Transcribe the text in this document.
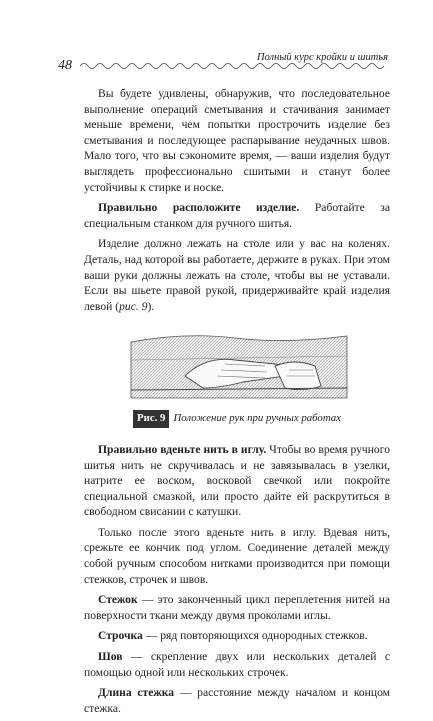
48
Полный курс кройки и шитья

Вы будете удивлены, обнаружив, что последовательное выполнение операций сметывания и стачивания занимает меньше времени, чем попытки прострочить изделие без сметывания и последующее распарывание неудачных швов. Мало того, что вы сэкономите время, — ваши изделия будут выглядеть профессионально сшитыми и станут более устойчивы к стирке и носке.

Правильно расположите изделие. Работайте за специальным станком для ручного шитья.

Изделие должно лежать на столе или у вас на коленях. Деталь, над которой вы работаете, держите в руках. При этом ваши руки должны лежать на столе, чтобы вы не уставали. Если вы шьете правой рукой, придерживайте край изделия левой (рис. 9).

Рис. 9 Положение рук при ручных работах

Правильно вденьте нить в иглу. Чтобы во время ручного шитья нить не скручивалась и не завязывалась в узелки, натрите ее воском, восковой свечкой или покройте специальной смазкой, или просто дайте ей раскрутиться в свободном свисании с катушки.

Только после этого вденьте нить в иглу. Вдевая нить, срежьте ее кончик под углом. Соединение деталей между собой ручным способом нитками производится при помощи стежков, строчек и швов.

Стежок — это законченный цикл переплетения нитей на поверхности ткани между двумя проколами иглы.

Строчка — ряд повторяющихся однородных стежков.

Шов — скрепление двух или нескольких деталей с помощью одной или нескольких строчек.

Длина стежка — расстояние между началом и концом стежка.
